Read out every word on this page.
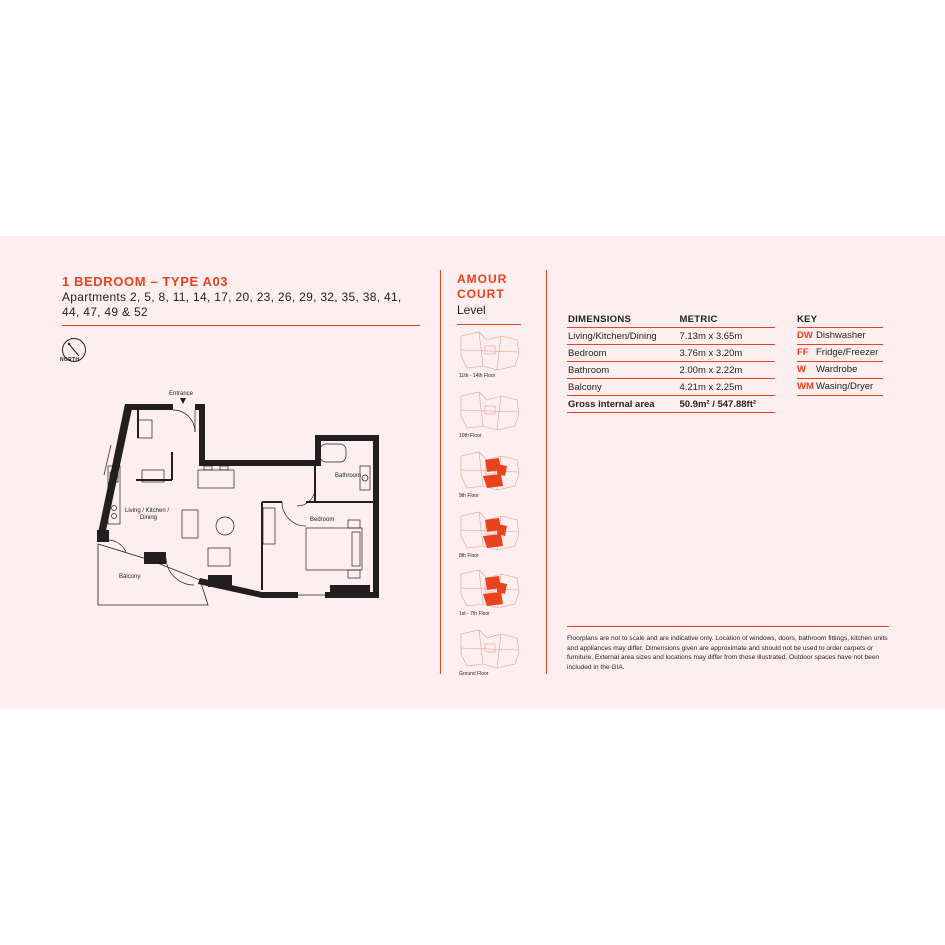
1 BEDROOM – TYPE A03
Apartments 2, 5, 8, 11, 14, 17, 20, 23, 26, 29, 32, 35, 38, 41, 44, 47, 49 & 52
NORTH
Entrance
Bathroom
Bedroom
Living / Kitchen /
Dining
Balcony
AMOUR
COURT
Level
11th - 14th Floor
10th Floor
9th Floor
8th Floor
1st - 7th Floor
Ground Floor
DIMENSIONS	METRIC
Living/Kitchen/Dining	7.13m x 3.65m
Bedroom	3.76m x 3.20m
Bathroom	2.00m x 2.22m
Balcony	4.21m x 2.25m
Gross internal area	50.9m² / 547.88ft²
KEY
DW Dishwasher
FF Fridge/Freezer
W Wardrobe
WM Wasing/Dryer
Floorplans are not to scale and are indicative only. Location of windows, doors, bathroom fittings, kitchen units and appliances may differ. Dimensions given are approximate and should not be used to order carpets or furniture. External area sizes and locations may differ from those illustrated. Outdoor spaces have not been included in the GIA.
